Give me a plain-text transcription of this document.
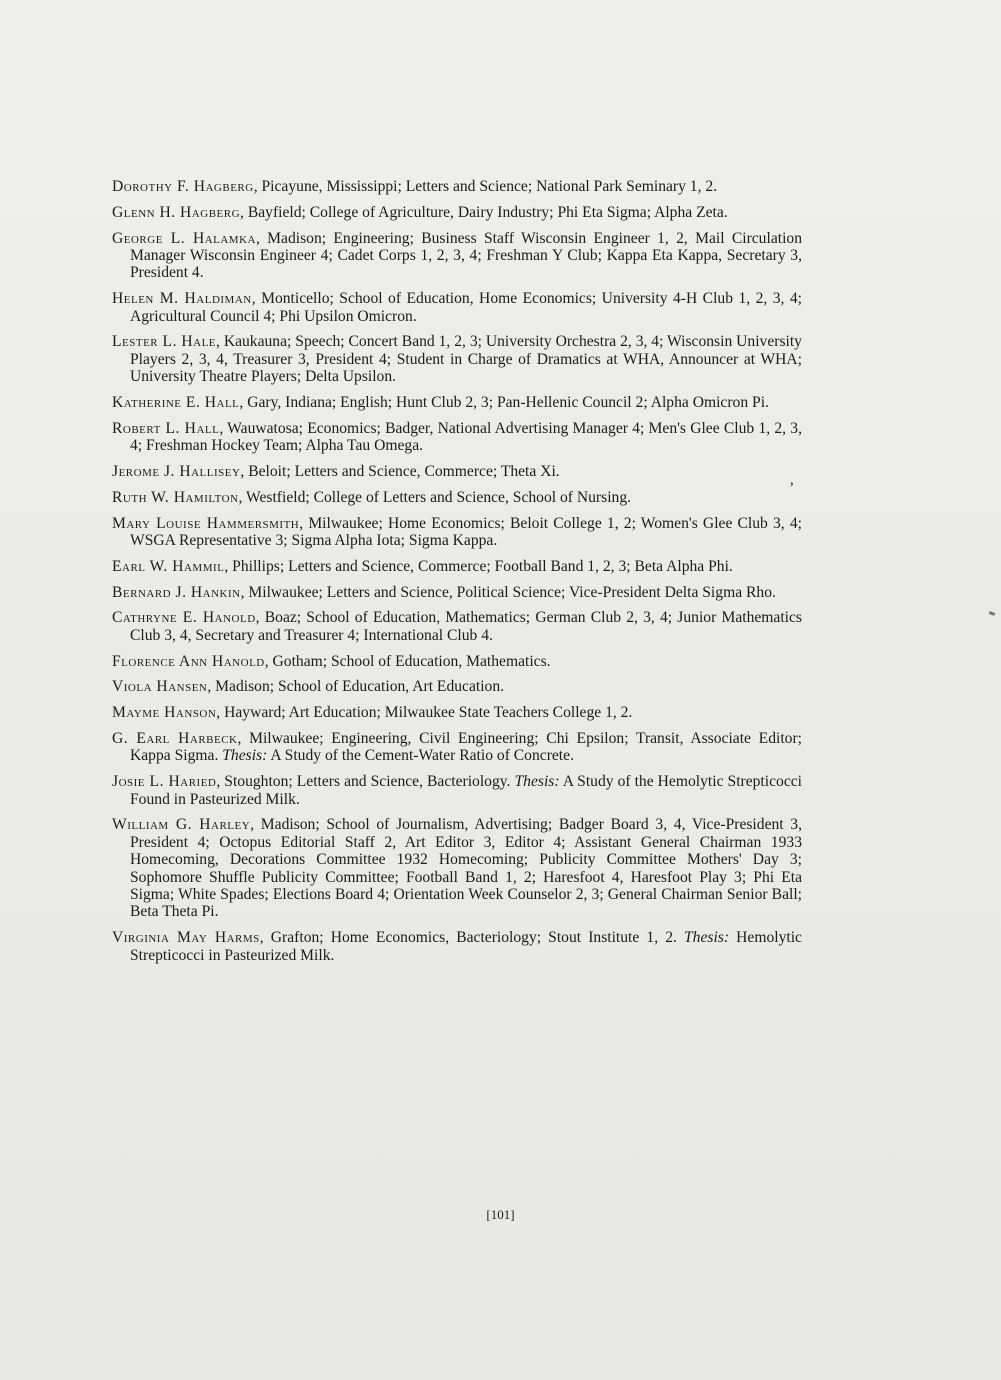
Dorothy F. Hagberg, Picayune, Mississippi; Letters and Science; National Park Seminary 1, 2.

Glenn H. Hagberg, Bayfield; College of Agriculture, Dairy Industry; Phi Eta Sigma; Alpha Zeta.

George L. Halamka, Madison; Engineering; Business Staff Wisconsin Engineer 1, 2, Mail Circulation Manager Wisconsin Engineer 4; Cadet Corps 1, 2, 3, 4; Freshman Y Club; Kappa Eta Kappa, Secretary 3, President 4.

Helen M. Haldiman, Monticello; School of Education, Home Economics; University 4-H Club 1, 2, 3, 4; Agricultural Council 4; Phi Upsilon Omicron.

Lester L. Hale, Kaukauna; Speech; Concert Band 1, 2, 3; University Orchestra 2, 3, 4; Wisconsin University Players 2, 3, 4, Treasurer 3, President 4; Student in Charge of Dramatics at WHA, Announcer at WHA; University Theatre Players; Delta Upsilon.

Katherine E. Hall, Gary, Indiana; English; Hunt Club 2, 3; Pan-Hellenic Council 2; Alpha Omicron Pi.

Robert L. Hall, Wauwatosa; Economics; Badger, National Advertising Manager 4; Men's Glee Club 1, 2, 3, 4; Freshman Hockey Team; Alpha Tau Omega.

Jerome J. Hallisey, Beloit; Letters and Science, Commerce; Theta Xi.

Ruth W. Hamilton, Westfield; College of Letters and Science, School of Nursing.

Mary Louise Hammersmith, Milwaukee; Home Economics; Beloit College 1, 2; Women's Glee Club 3, 4; WSGA Representative 3; Sigma Alpha Iota; Sigma Kappa.

Earl W. Hammil, Phillips; Letters and Science, Commerce; Football Band 1, 2, 3; Beta Alpha Phi.

Bernard J. Hankin, Milwaukee; Letters and Science, Political Science; Vice-President Delta Sigma Rho.

Cathryne E. Hanold, Boaz; School of Education, Mathematics; German Club 2, 3, 4; Junior Mathematics Club 3, 4, Secretary and Treasurer 4; International Club 4.

Florence Ann Hanold, Gotham; School of Education, Mathematics.

Viola Hansen, Madison; School of Education, Art Education.

Mayme Hanson, Hayward; Art Education; Milwaukee State Teachers College 1, 2.

G. Earl Harbeck, Milwaukee; Engineering, Civil Engineering; Chi Epsilon; Transit, Associate Editor; Kappa Sigma. Thesis: A Study of the Cement-Water Ratio of Concrete.

Josie L. Haried, Stoughton; Letters and Science, Bacteriology. Thesis: A Study of the Hemolytic Strepticocci Found in Pasteurized Milk.

William G. Harley, Madison; School of Journalism, Advertising; Badger Board 3, 4, Vice-President 3, President 4; Octopus Editorial Staff 2, Art Editor 3, Editor 4; Assistant General Chairman 1933 Homecoming, Decorations Committee 1932 Homecoming; Publicity Committee Mothers' Day 3; Sophomore Shuffle Publicity Committee; Football Band 1, 2; Haresfoot 4, Haresfoot Play 3; Phi Eta Sigma; White Spades; Elections Board 4; Orientation Week Counselor 2, 3; General Chairman Senior Ball; Beta Theta Pi.

Virginia May Harms, Grafton; Home Economics, Bacteriology; Stout Institute 1, 2. Thesis: Hemolytic Strepticocci in Pasteurized Milk.

,
[101]
